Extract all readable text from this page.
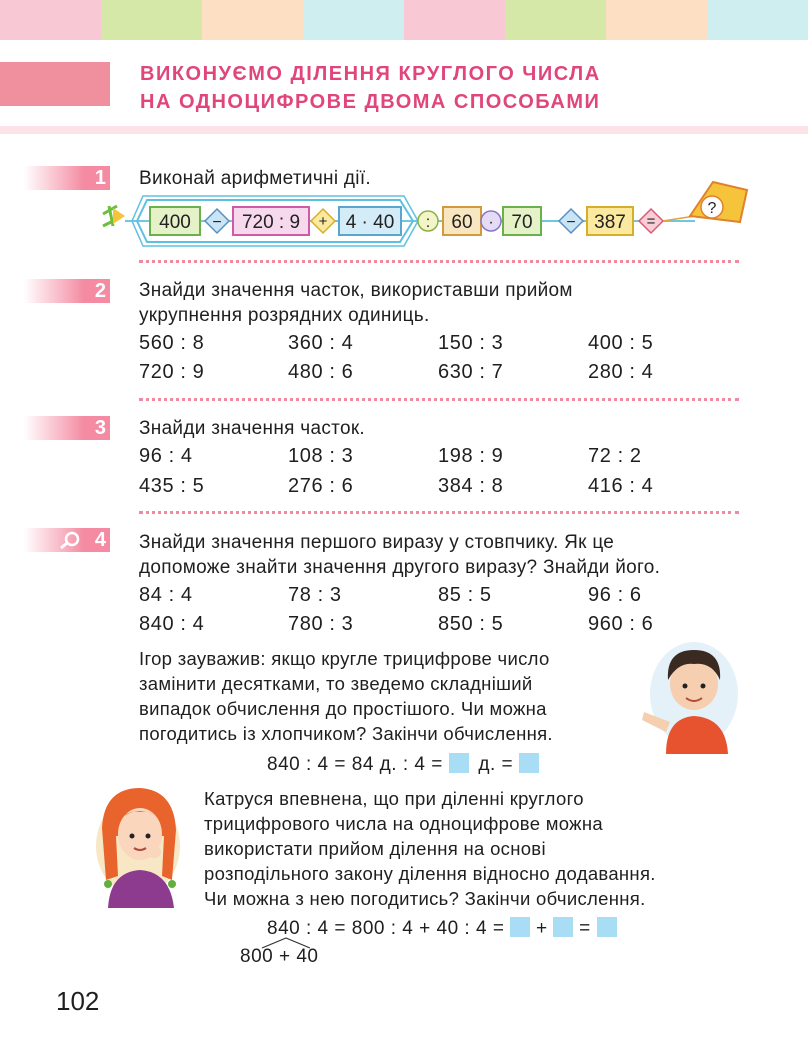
ВИКОНУЄМО ДІЛЕННЯ КРУГЛОГО ЧИСЛА
НА ОДНОЦИФРОВЕ ДВОМА СПОСОБАМИ
1 Виконай арифметичні дії.
400 − 720 : 9 + 4 · 40 : 60 · 70 − 387 =
?
2 Знайди значення часток, використавши прийом
укрупнення розрядних одиниць.
560 : 8	360 : 4	150 : 3	400 : 5
720 : 9	480 : 6	630 : 7	280 : 4
3 Знайди значення часток.
96 : 4	108 : 3	198 : 9	72 : 2
435 : 5	276 : 6	384 : 8	416 : 4
4 Знайди значення першого виразу у стовпчику. Як це
допоможе знайти значення другого виразу? Знайди його.
84 : 4	78 : 3	85 : 5	96 : 6
840 : 4	780 : 3	850 : 5	960 : 6
Ігор зауважив: якщо кругле трицифрове число
замінити десятками, то зведемо складніший
випадок обчислення до простішого. Чи можна
погодитись із хлопчиком? Закінчи обчислення.
840 : 4 = 84 д. : 4 = д. =
Катруся впевнена, що при діленні круглого
трицифрового числа на одноцифрове можна
використати прийом ділення на основі
розподільного закону ділення відносно додавання.
Чи можна з нею погодитись? Закінчи обчислення.
840 : 4 = 800 : 4 + 40 : 4 = + =
800 + 40
102
